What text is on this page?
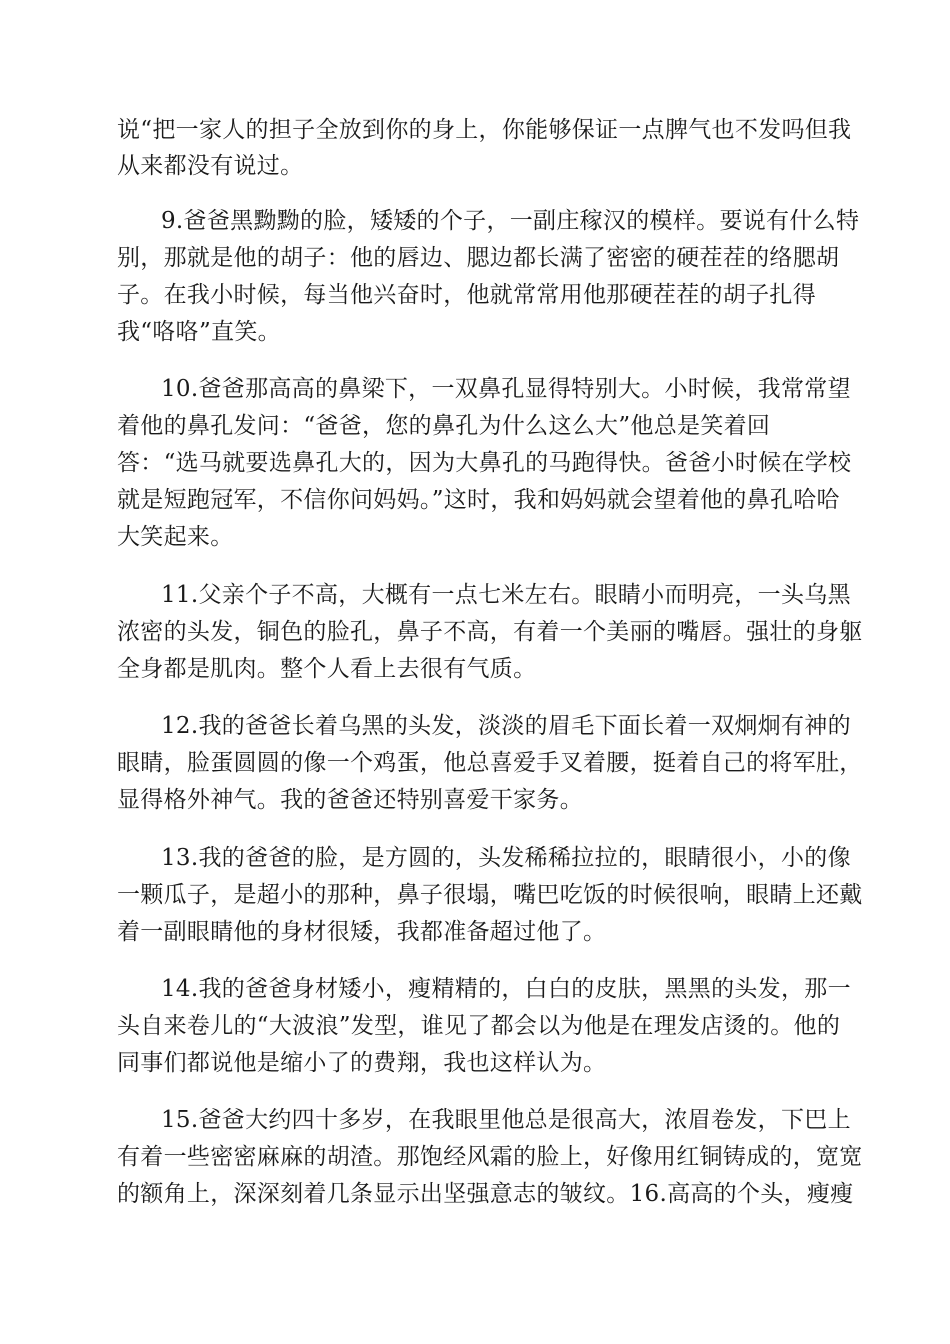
说“把一家人的担子全放到你的身上，你能够保证一点脾气也不发吗但我
从来都没有说过。
9.爸爸黑黝黝的脸，矮矮的个子，一副庄稼汉的模样。要说有什么特
别，那就是他的胡子：他的唇边、腮边都长满了密密的硬茬茬的络腮胡
子。在我小时候，每当他兴奋时，他就常常用他那硬茬茬的胡子扎得
我“咯咯”直笑。
10.爸爸那高高的鼻梁下，一双鼻孔显得特别大。小时候，我常常望
着他的鼻孔发问：“爸爸，您的鼻孔为什么这么大”他总是笑着回
答：“选马就要选鼻孔大的，因为大鼻孔的马跑得快。爸爸小时候在学校
就是短跑冠军，不信你问妈妈。”这时，我和妈妈就会望着他的鼻孔哈哈
大笑起来。
11.父亲个子不高，大概有一点七米左右。眼睛小而明亮，一头乌黑
浓密的头发，铜色的脸孔，鼻子不高，有着一个美丽的嘴唇。强壮的身躯
全身都是肌肉。整个人看上去很有气质。
12.我的爸爸长着乌黑的头发，淡淡的眉毛下面长着一双炯炯有神的
眼睛，脸蛋圆圆的像一个鸡蛋，他总喜爱手叉着腰，挺着自己的将军肚，
显得格外神气。我的爸爸还特别喜爱干家务。
13.我的爸爸的脸，是方圆的，头发稀稀拉拉的，眼睛很小，小的像
一颗瓜子，是超小的那种，鼻子很塌，嘴巴吃饭的时候很响，眼睛上还戴
着一副眼睛他的身材很矮，我都准备超过他了。
14.我的爸爸身材矮小，瘦精精的，白白的皮肤，黑黑的头发，那一
头自来卷儿的“大波浪”发型，谁见了都会以为他是在理发店烫的。他的
同事们都说他是缩小了的费翔，我也这样认为。
15.爸爸大约四十多岁，在我眼里他总是很高大，浓眉卷发，下巴上
有着一些密密麻麻的胡渣。那饱经风霜的脸上，好像用红铜铸成的，宽宽
的额角上，深深刻着几条显示出坚强意志的皱纹。16.高高的个头，瘦瘦
